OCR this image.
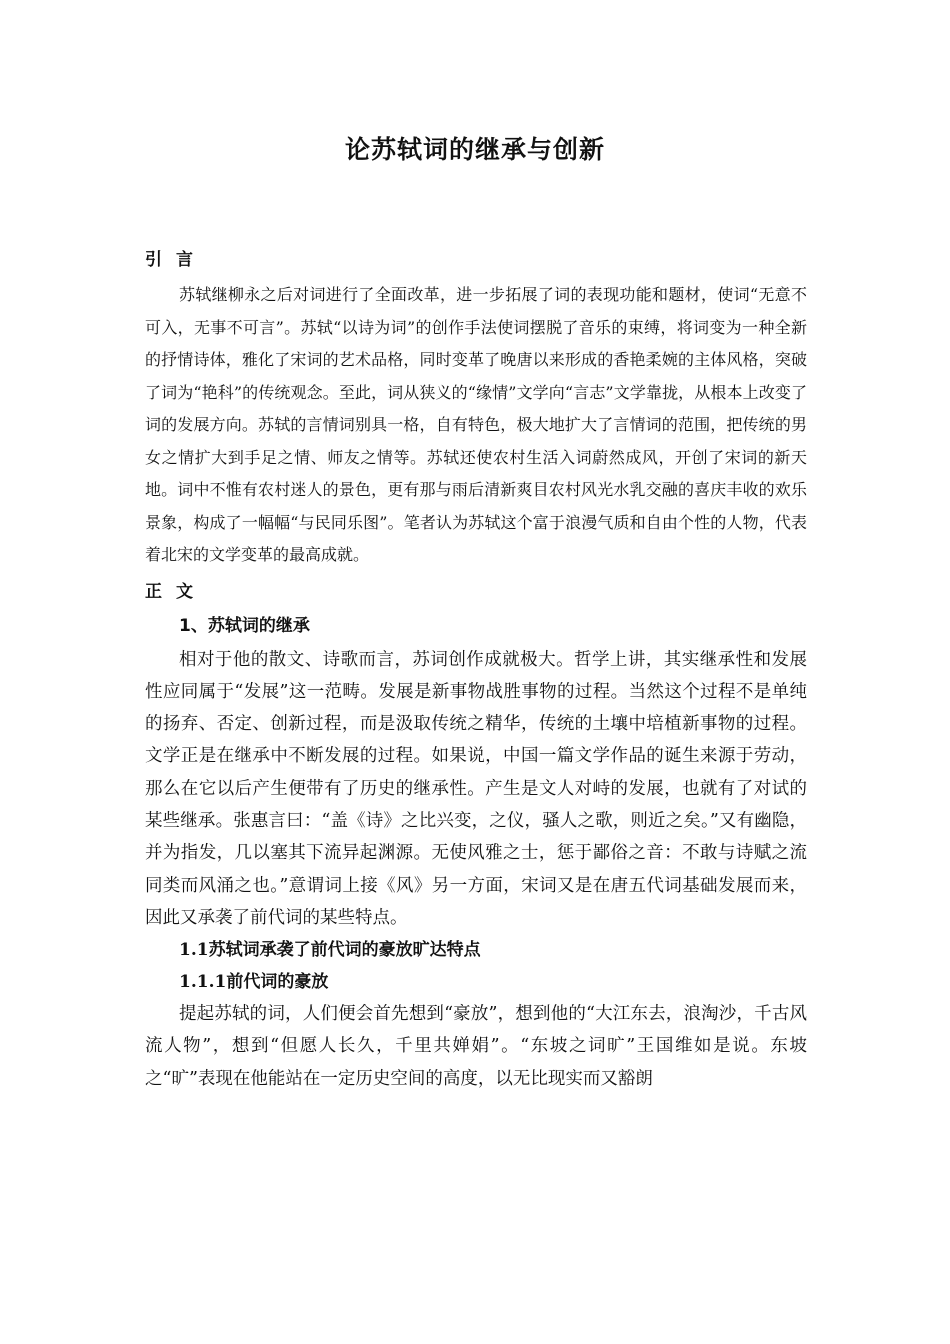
论苏轼词的继承与创新
引言

苏轼继柳永之后对词进行了全面改革，进一步拓展了词的表现功能和题材，使词“无意不可入，无事不可言”。苏轼“以诗为词”的创作手法使词摆脱了音乐的束缚，将词变为一种全新的抒情诗体，雅化了宋词的艺术品格，同时变革了晚唐以来形成的香艳柔婉的主体风格，突破了词为“艳科”的传统观念。至此，词从狭义的“缘情”文学向“言志”文学靠拢，从根本上改变了词的发展方向。苏轼的言情词别具一格，自有特色，极大地扩大了言情词的范围，把传统的男女之情扩大到手足之情、师友之情等。苏轼还使农村生活入词蔚然成风，开创了宋词的新天地。词中不惟有农村迷人的景色，更有那与雨后清新爽目农村风光水乳交融的喜庆丰收的欢乐景象，构成了一幅幅“与民同乐图”。笔者认为苏轼这个富于浪漫气质和自由个性的人物，代表着北宋的文学变革的最高成就。

正文
1、苏轼词的继承

相对于他的散文、诗歌而言，苏词创作成就极大。哲学上讲，其实继承性和发展性应同属于“发展”这一范畴。发展是新事物战胜事物的过程。当然这个过程不是单纯的扬弃、否定、创新过程，而是汲取传统之精华，传统的土壤中培植新事物的过程。文学正是在继承中不断发展的过程。如果说，中国一篇文学作品的诞生来源于劳动，那么在它以后产生便带有了历史的继承性。产生是文人对峙的发展，也就有了对试的某些继承。张惠言曰：“盖《诗》之比兴变，之仪，骚人之歌，则近之矣。”又有幽隐，并为指发，几以塞其下流异起渊源。无使风雅之士，惩于鄙俗之音：不敢与诗赋之流同类而风涌之也。”意谓词上接《风》另一方面，宋词又是在唐五代词基础发展而来，因此又承袭了前代词的某些特点。

1.1苏轼词承袭了前代词的豪放旷达特点
1.1.1前代词的豪放

提起苏轼的词，人们便会首先想到“豪放”，想到他的“大江东去，浪淘沙，千古风流人物”，想到“但愿人长久，千里共婵娟”。“东坡之词旷”王国维如是说。东坡之“旷”表现在他能站在一定历史空间的高度，以无比现实而又豁朗
